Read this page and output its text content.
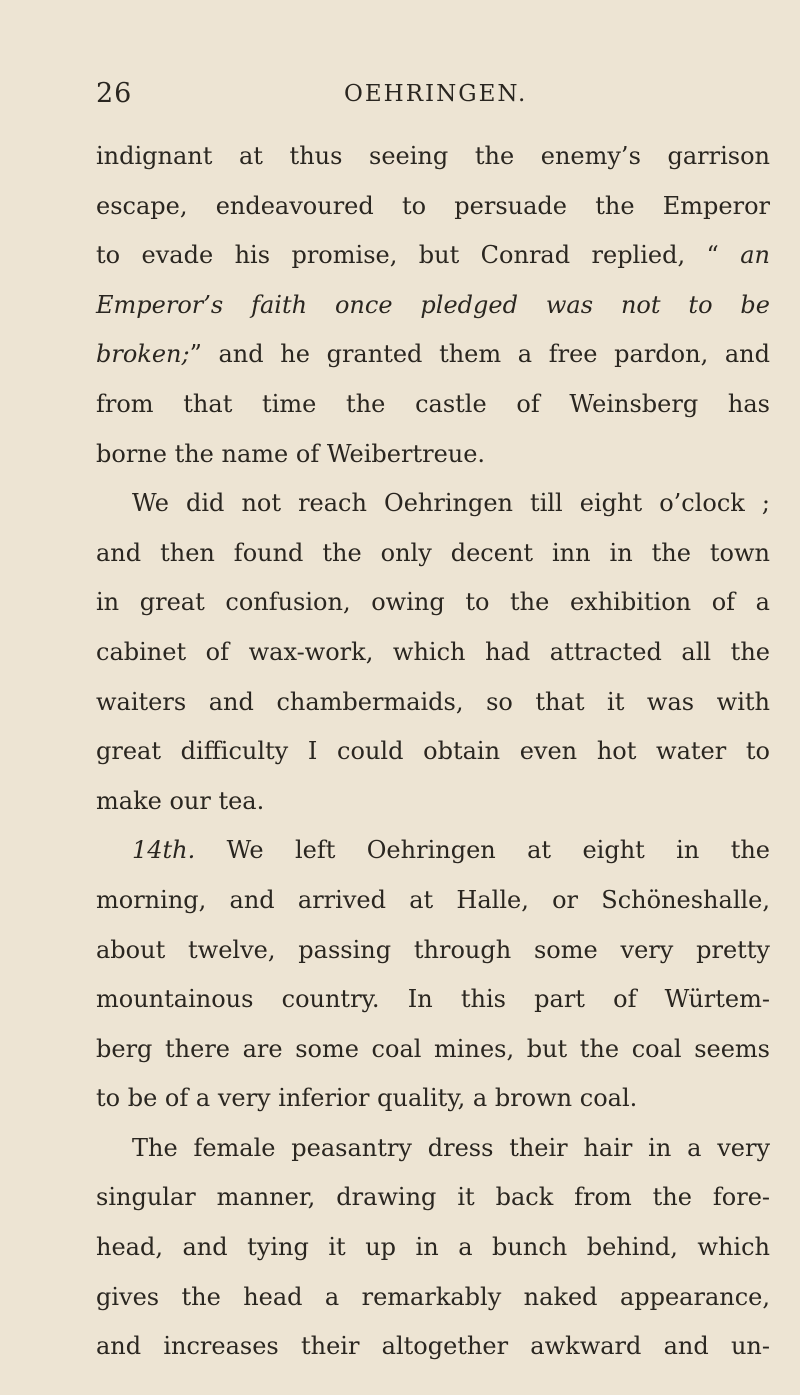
26	OEHRINGEN.
indignant at thus seeing the enemy’s garrison
escape, endeavoured to persuade the Emperor
to evade his promise, but Conrad replied, “ an
Emperor’s faith once pledged was not to be
broken;” and he granted them a free pardon, and
from that time the castle of Weinsberg has
borne the name of Weibertreue.
We did not reach Oehringen till eight o’clock ;
and then found the only decent inn in the town
in great confusion, owing to the exhibition of a
cabinet of wax-work, which had attracted all the
waiters and chambermaids, so that it was with
great difficulty I could obtain even hot water to
make our tea.
14th. We left Oehringen at eight in the
morning, and arrived at Halle, or Schöneshalle,
about twelve, passing through some very pretty
mountainous country. In this part of Würtem-
berg there are some coal mines, but the coal seems
to be of a very inferior quality, a brown coal.
The female peasantry dress their hair in a very
singular manner, drawing it back from the fore-
head, and tying it up in a bunch behind, which
gives the head a remarkably naked appearance,
and increases their altogether awkward and un-
